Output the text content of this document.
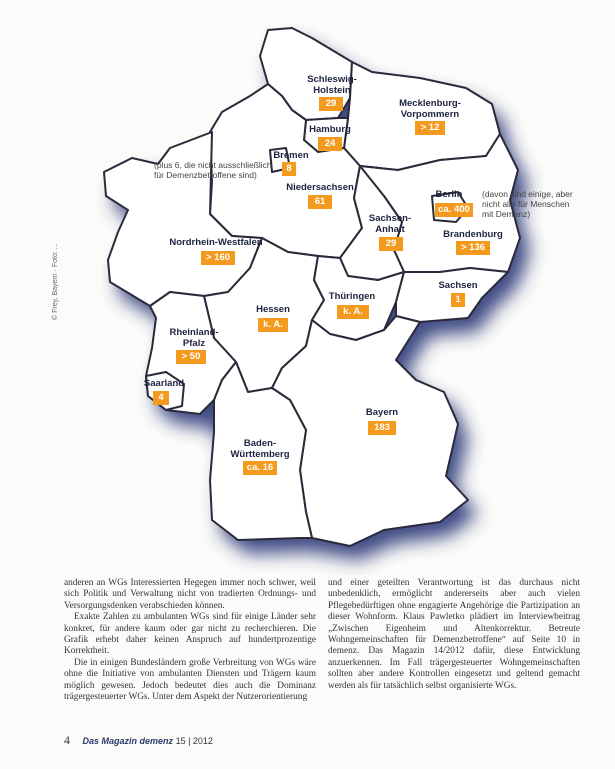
© Frey, Bayern · Foto: ...
Schleswig-
Holstein
29	Mecklenburg-
Vorpommern
> 12
Hamburg
24
Bremen
8
(plus 6, die nicht ausschließlich
für Demenzbetroffene sind)
Niedersachsen
61
Berlin
ca. 400
(davon sind einige, aber
nicht alle für Menschen
mit Demenz)
Sachsen-
Anhalt
29
Brandenburg
> 136
Nordrhein-Westfalen
> 160
Sachsen
1
Hessen
k. A.
Thüringen
k. A.
Rheinland-
Pfalz
> 50
Saarland
4
Bayern
183
Baden-
Württemberg
ca. 16

anderen an WGs Interessierten Hegegen immer noch schwer, weil sich Politik und Verwaltung nicht von tradierten Ordnungs- und Versorgungsdenken verabschieden können.

Exakte Zahlen zu ambulanten WGs sind für einige Länder sehr konkret, für andere kaum oder gar nicht zu recherchieren. Die Grafik erhebt daher keinen Anspruch auf hundertprozentige Korrektheit.

Die in einigen Bundesländern große Verbreitung von WGs wäre ohne die Initiative von ambulanten Diensten und Trägern kaum möglich gewesen. Jedoch bedeutet dies auch die Dominanz trägergesteuerter WGs. Unter dem Aspekt der Nutzerorientierung

und einer geteilten Verantwortung ist das durchaus nicht unbedenklich, ermöglicht andererseits aber auch vielen Pflegebedürftigen ohne engagierte Angehörige die Partizipation an dieser Wohnform. Klaus Pawletko plädiert im Interviewbeitrag „Zwischen Eigenheim und Altenkorrektur. Betreute Wohngemeinschaften für Demenzbetroffene“ auf Seite 10 in demenz. Das Magazin 14/2012 dafür, diese Entwicklung anzuerkennen. Im Fall trägergesteuerter Wohngemeinschaften sollten aber andere Kontrollen eingesetzt und geltend gemacht werden als für tatsächlich selbst organisierte WGs.

4 Das Magazin demenz 15 | 2012
